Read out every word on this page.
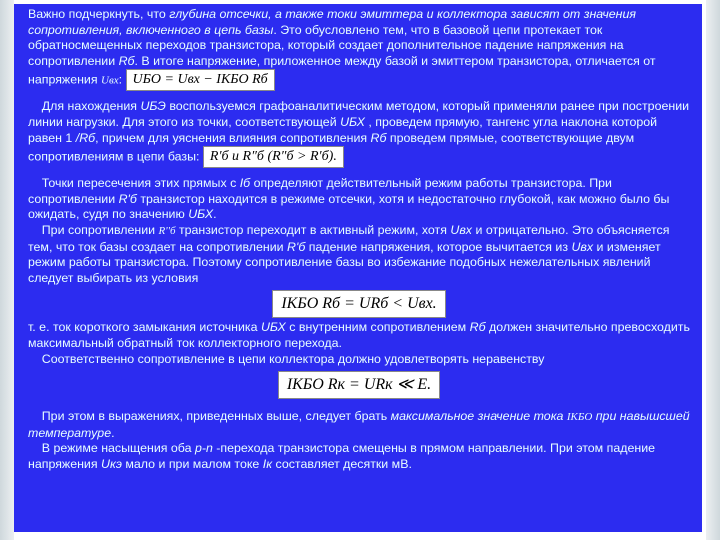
Важно подчеркнуть, что глубина отсечки, а также токи эмиттера и коллектора зависят от значения сопротивления, включенного в цепь базы. Это обусловлено тем, что в базовой цепи протекает ток обратносмещенных переходов транзистора, который создает дополнительное падение напряжения на сопротивлении Rб. В итоге напряжение, приложенное между базой и эмиттером транзистора, отличается от напряжения Uвх: UБО = Uвх − IКБО Rб

Для нахождения UБЭ воспользуемся графоаналитическим методом, который применяли ранее при построении линии нагрузки. Для этого из точки, соответствующей UБХ , проведем прямую, тангенс угла наклона которой равен 1 /Rб, причем для уяснения влияния сопротивления Rб проведем прямые, соответствующие двум сопротивлениям в цепи базы: R′б и R″б (R″б > R′б).

Точки пересечения этих прямых с Iб определяют действительный режим работы транзистора. При сопротивлении R'б транзистор находится в режиме отсечки, хотя и недостаточно глубокой, как можно было бы ожидать, судя по значению UБХ.

При сопротивлении R''б транзистор переходит в активный режим, хотя Uвх и отрицательно. Это объясняется тем, что ток базы создает на сопротивлении R'б падение напряжения, которое вычитается из Uвх и изменяет режим работы транзистора. Поэтому сопротивление базы во избежание подобных нежелательных явлений следует выбирать из условия

IКБО Rб = URб < Uвх.

т. е. ток короткого замыкания источника UБХ с внутренним сопротивлением Rб должен значительно превосходить максимальный обратный ток коллекторного перехода.

Соответственно сопротивление в цепи коллектора должно удовлетворять неравенству

IКБО Rк = URк ≪ E.

При этом в выражениях, приведенных выше, следует брать максимальное значение тока IКБО при навышсшей температуре.

В режиме насыщения оба p-n -перехода транзистора смещены в прямом направлении. При этом падение напряжения Uкэ мало и при малом токе Iк составляет десятки мВ.
